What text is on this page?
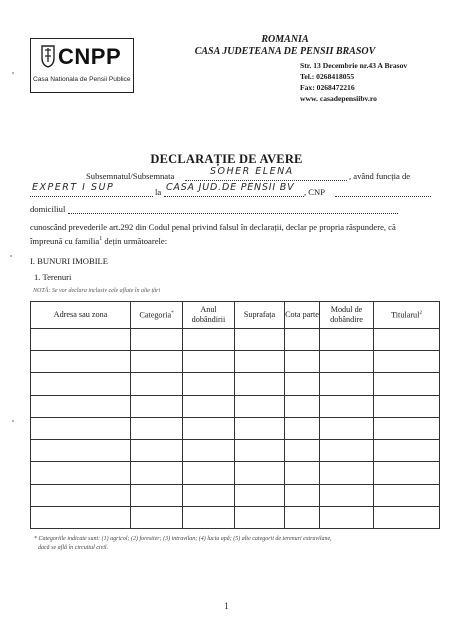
CNPP
Casa Nationala de Pensii Publice
ROMANIA
CASA JUDETEANA DE PENSII BRASOV
Str. 13 Decembrie nr.43 A Brasov
Tel.: 0268418055
Fax: 0268472216
www. casadepensiibv.ro
DECLARAȚIE DE AVERE
Subsemnatul/Subsemnata	SOHER ELENA	, având funcția de
EXPERT I SUP	la CASA JUD.DE PENSII BV , CNP
domiciliul
cunoscând prevederile art.292 din Codul penal privind falsul în declarații, declar pe propria răspundere, că
împreună cu familia$^1$ dețin următoarele:
I. BUNURI IMOBILE
1. Terenuri
NOTĂ: Se vor declara inclusiv cele aflate în alte țări
Adresa sau zona	Categoria*	Anul dobândirii	Suprafața	Cota parte	Modul de dobândire	Titularul$^2$

* Categoriile indicate sunt: (1) agricol; (2) forestier; (3) intravilan; (4) luciu apă; (5) alte categorii de terenuri extravilane,
dacă se află în circuitul civil.
1
